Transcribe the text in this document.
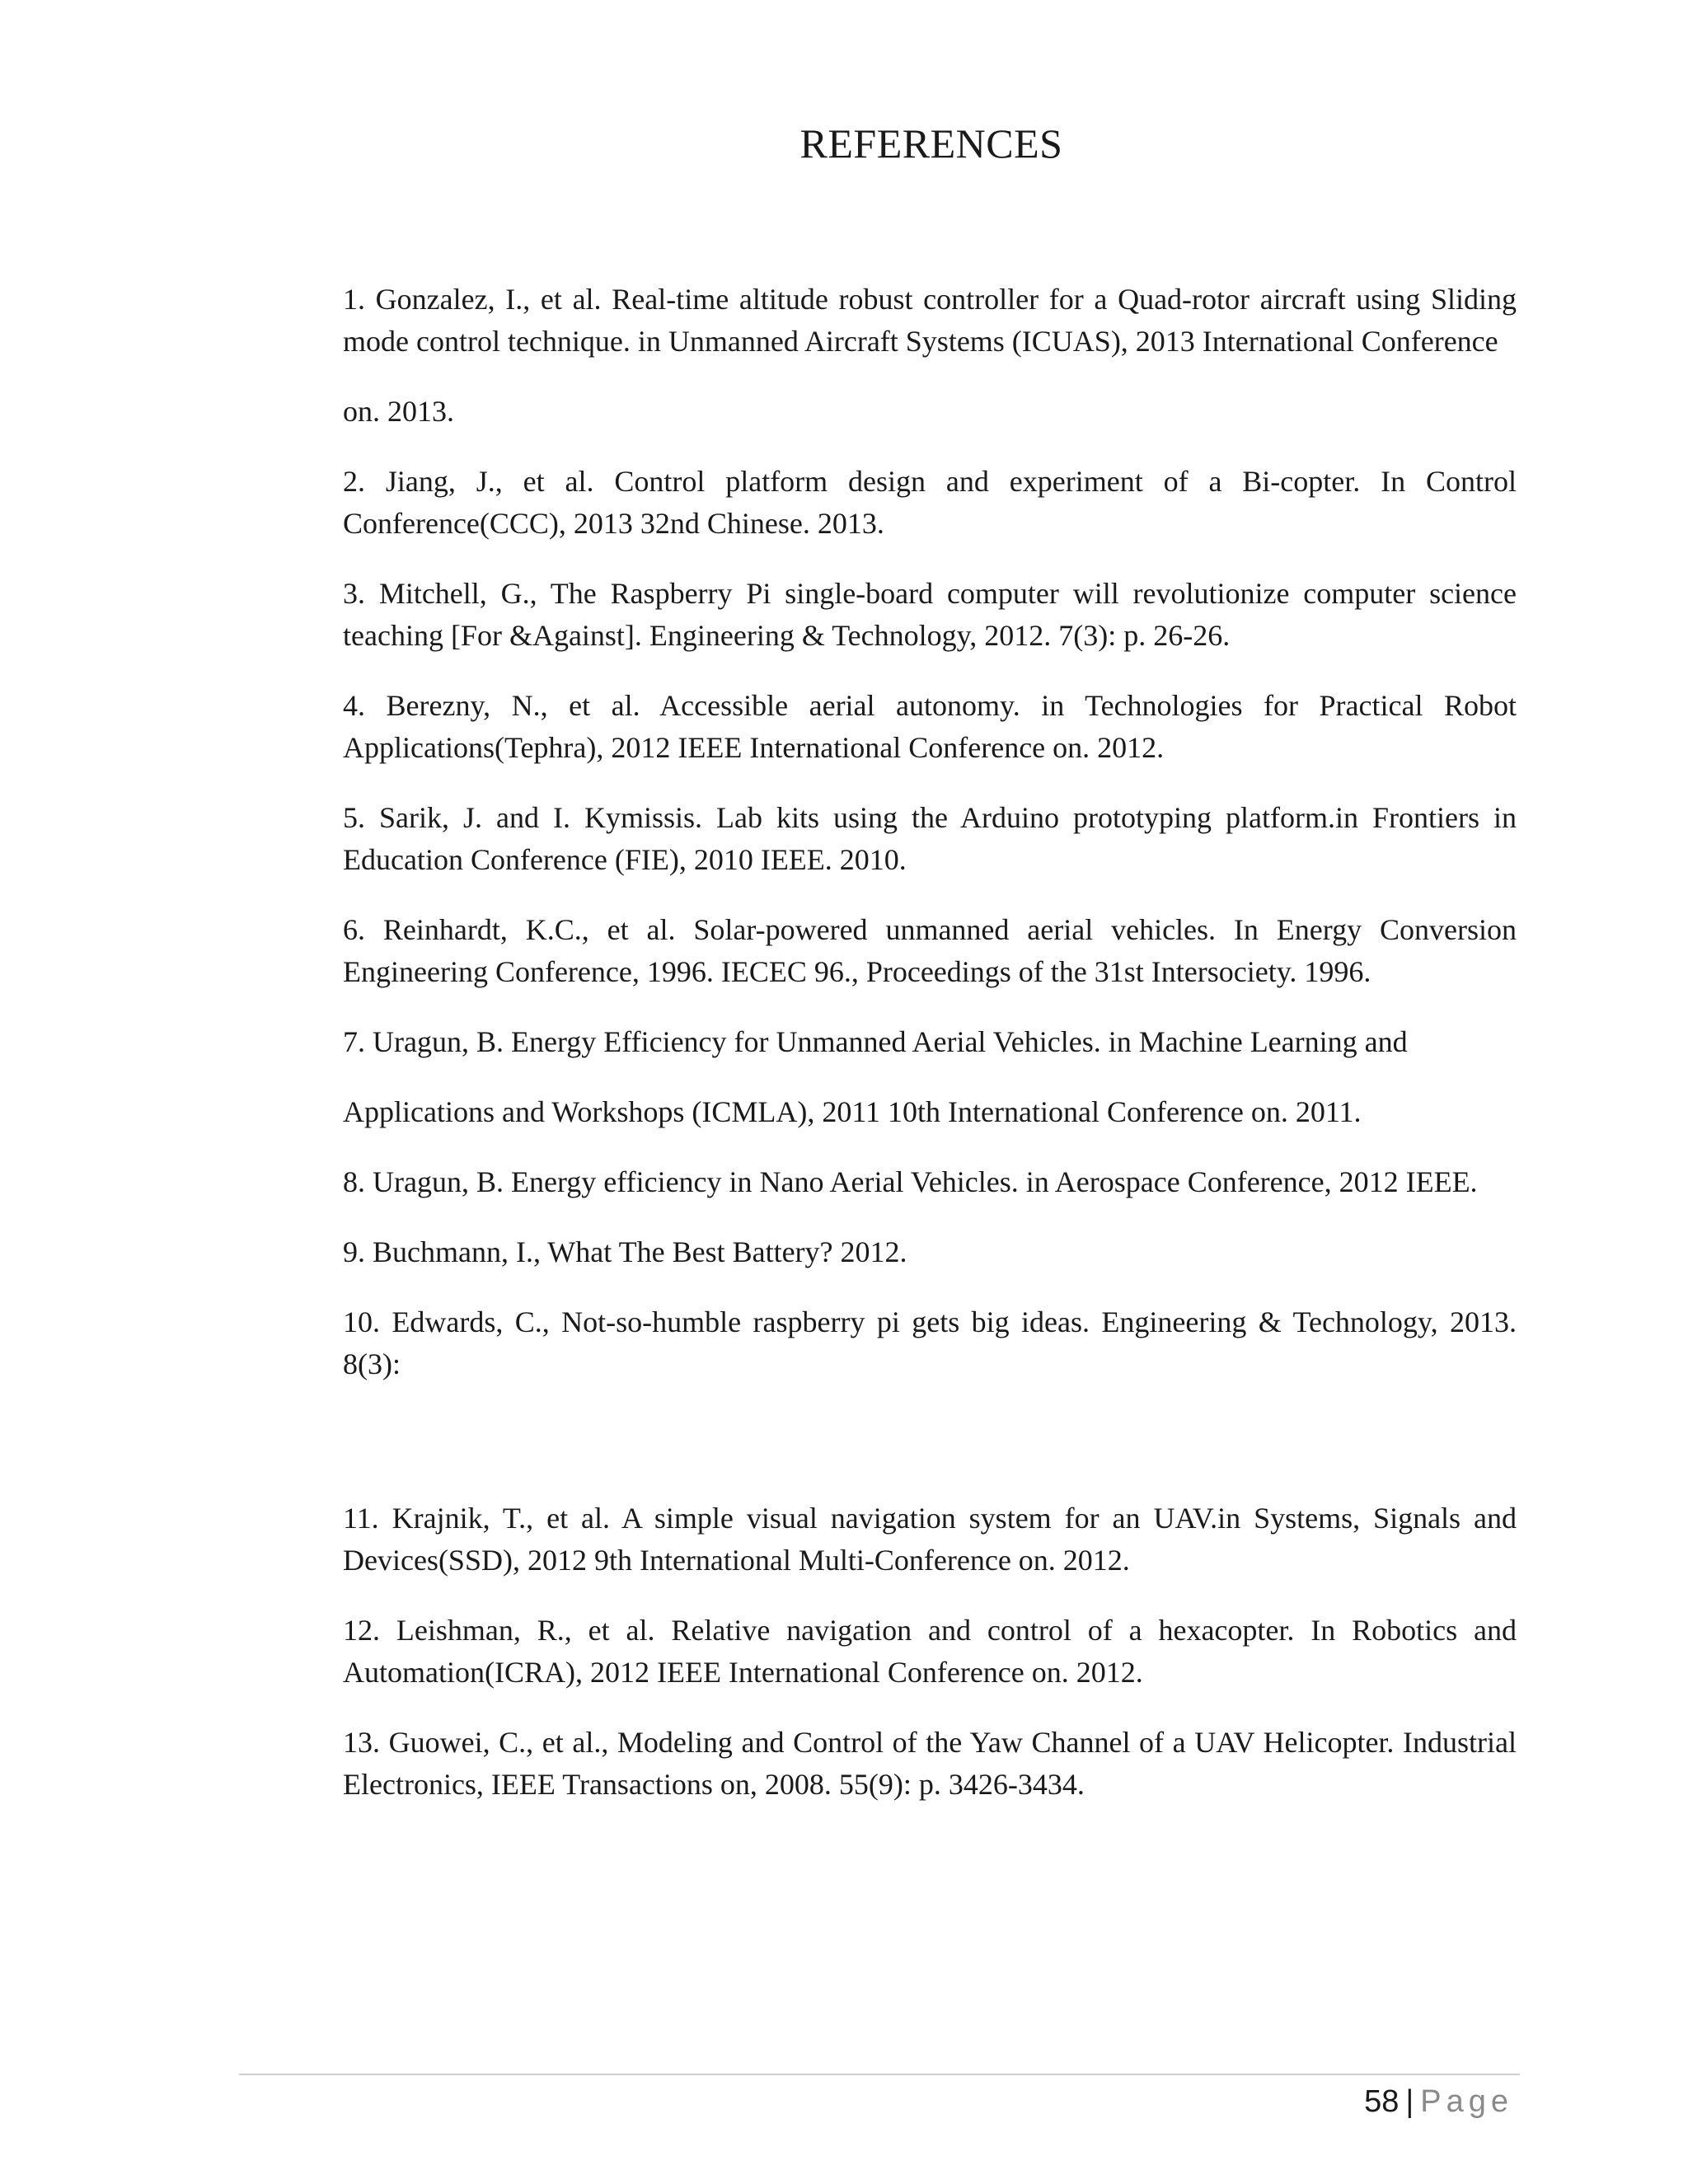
REFERENCES

1. Gonzalez, I., et al. Real-time altitude robust controller for a Quad-rotor aircraft using Sliding mode control technique. in Unmanned Aircraft Systems (ICUAS), 2013 International Conference

on. 2013.

2. Jiang, J., et al. Control platform design and experiment of a Bi-copter. In Control Conference(CCC), 2013 32nd Chinese. 2013.

3. Mitchell, G., The Raspberry Pi single-board computer will revolutionize computer science teaching [For &Against]. Engineering & Technology, 2012. 7(3): p. 26-26.

4. Berezny, N., et al. Accessible aerial autonomy. in Technologies for Practical Robot Applications(Tephra), 2012 IEEE International Conference on. 2012.

5. Sarik, J. and I. Kymissis. Lab kits using the Arduino prototyping platform.in Frontiers in Education Conference (FIE), 2010 IEEE. 2010.

6. Reinhardt, K.C., et al. Solar-powered unmanned aerial vehicles. In Energy Conversion Engineering Conference, 1996. IECEC 96., Proceedings of the 31st Intersociety. 1996.

7. Uragun, B. Energy Efficiency for Unmanned Aerial Vehicles. in Machine Learning and

Applications and Workshops (ICMLA), 2011 10th International Conference on. 2011.

8. Uragun, B. Energy efficiency in Nano Aerial Vehicles. in Aerospace Conference, 2012 IEEE.

9. Buchmann, I., What The Best Battery? 2012.

10. Edwards, C., Not-so-humble raspberry pi gets big ideas. Engineering & Technology, 2013. 8(3):

11. Krajnik, T., et al. A simple visual navigation system for an UAV.in Systems, Signals and Devices(SSD), 2012 9th International Multi-Conference on. 2012.

12. Leishman, R., et al. Relative navigation and control of a hexacopter. In Robotics and Automation(ICRA), 2012 IEEE International Conference on. 2012.

13. Guowei, C., et al., Modeling and Control of the Yaw Channel of a UAV Helicopter. Industrial Electronics, IEEE Transactions on, 2008. 55(9): p. 3426-3434.

58 | Page
